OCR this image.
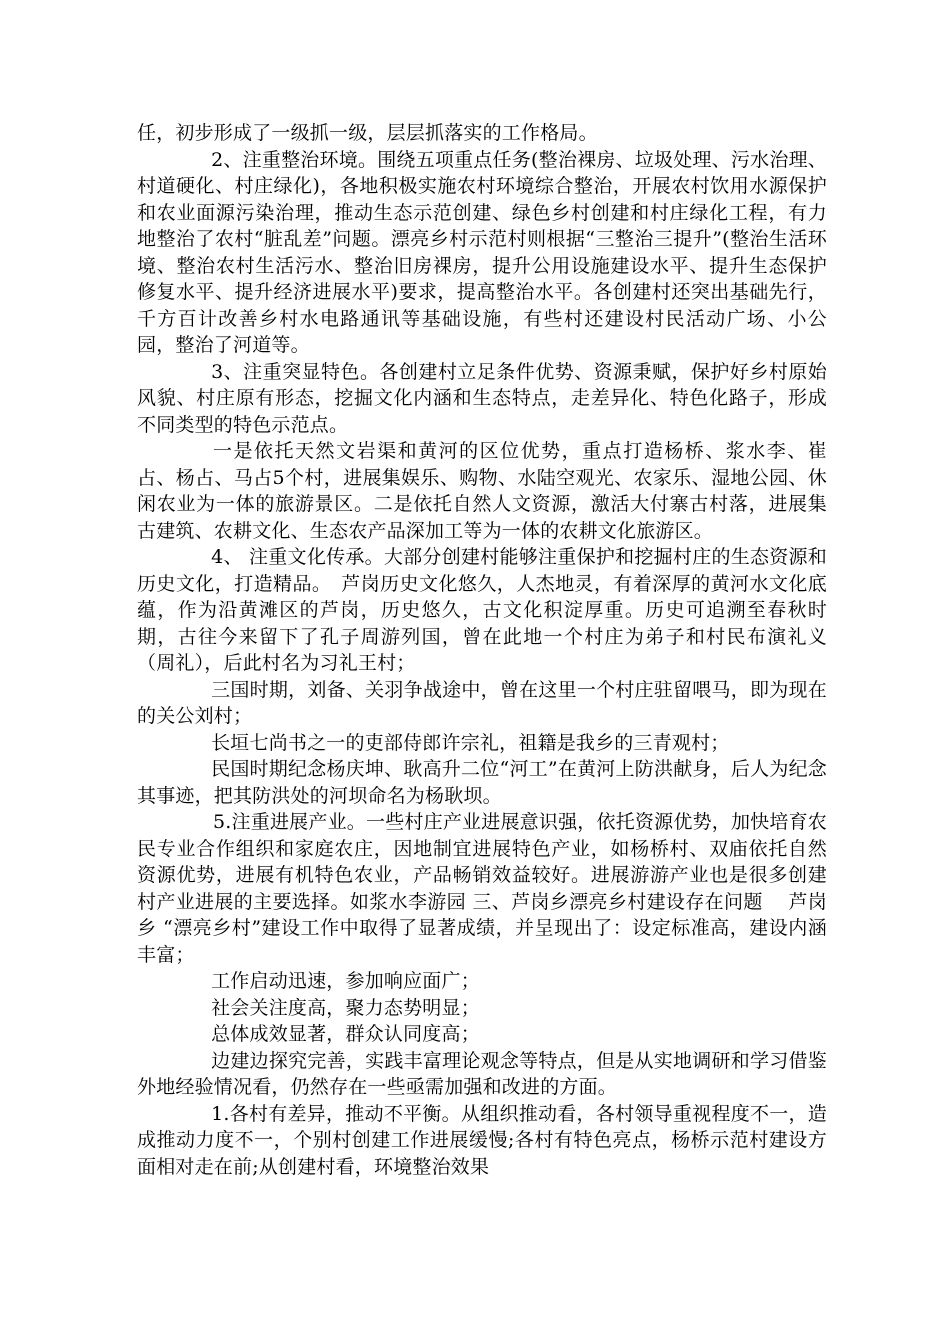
任，初步形成了一级抓一级，层层抓落实的工作格局。

2、注重整治环境。围绕五项重点任务(整治裸房、垃圾处理、污水治理、村道硬化、村庄绿化)，各地积极实施农村环境综合整治，开展农村饮用水源保护和农业面源污染治理，推动生态示范创建、绿色乡村创建和村庄绿化工程，有力地整治了农村“脏乱差”问题。漂亮乡村示范村则根据“三整治三提升”(整治生活环境、整治农村生活污水、整治旧房裸房，提升公用设施建设水平、提升生态保护修复水平、提升经济进展水平)要求，提高整治水平。各创建村还突出基础先行，千方百计改善乡村水电路通讯等基础设施，有些村还建设村民活动广场、小公园，整治了河道等。

3、注重突显特色。各创建村立足条件优势、资源秉赋，保护好乡村原始风貌、村庄原有形态，挖掘文化内涵和生态特点，走差异化、特色化路子，形成不同类型的特色示范点。

一是依托天然文岩渠和黄河的区位优势，重点打造杨桥、浆水李、崔占、杨占、马占5个村，进展集娱乐、购物、水陆空观光、农家乐、湿地公园、休闲农业为一体的旅游景区。二是依托自然人文资源，激活大付寨古村落，进展集古建筑、农耕文化、生态农产品深加工等为一体的农耕文化旅游区。

4、 注重文化传承。大部分创建村能够注重保护和挖掘村庄的生态资源和历史文化，打造精品。　芦岗历史文化悠久，人杰地灵，有着深厚的黄河水文化底蕴，作为沿黄滩区的芦岗，历史悠久，古文化积淀厚重。历史可追溯至春秋时期，古往今来留下了孔子周游列国，曾在此地一个村庄为弟子和村民布演礼义（周礼），后此村名为习礼王村；

三国时期，刘备、关羽争战途中，曾在这里一个村庄驻留喂马，即为现在的关公刘村；

长垣七尚书之一的吏部侍郎许宗礼，祖籍是我乡的三青观村；

民国时期纪念杨庆坤、耿高升二位“河工”在黄河上防洪献身，后人为纪念其事迹，把其防洪处的河坝命名为杨耿坝。

5.注重进展产业。一些村庄产业进展意识强，依托资源优势，加快培育农民专业合作组织和家庭农庄，因地制宜进展特色产业，如杨桥村、双庙依托自然资源优势，进展有机特色农业，产品畅销效益较好。进展游游产业也是很多创建村产业进展的主要选择。如浆水李游园 三、芦岗乡漂亮乡村建设存在问题　 芦岗乡 “漂亮乡村”建设工作中取得了显著成绩，并呈现出了：设定标准高，建设内涵丰富；

工作启动迅速，参加响应面广；

社会关注度高，聚力态势明显；

总体成效显著，群众认同度高；

边建边探究完善，实践丰富理论观念等特点，但是从实地调研和学习借鉴外地经验情况看，仍然存在一些亟需加强和改进的方面。

1.各村有差异，推动不平衡。从组织推动看，各村领导重视程度不一，造成推动力度不一，个别村创建工作进展缓慢;各村有特色亮点，杨桥示范村建设方面相对走在前;从创建村看，环境整治效果
